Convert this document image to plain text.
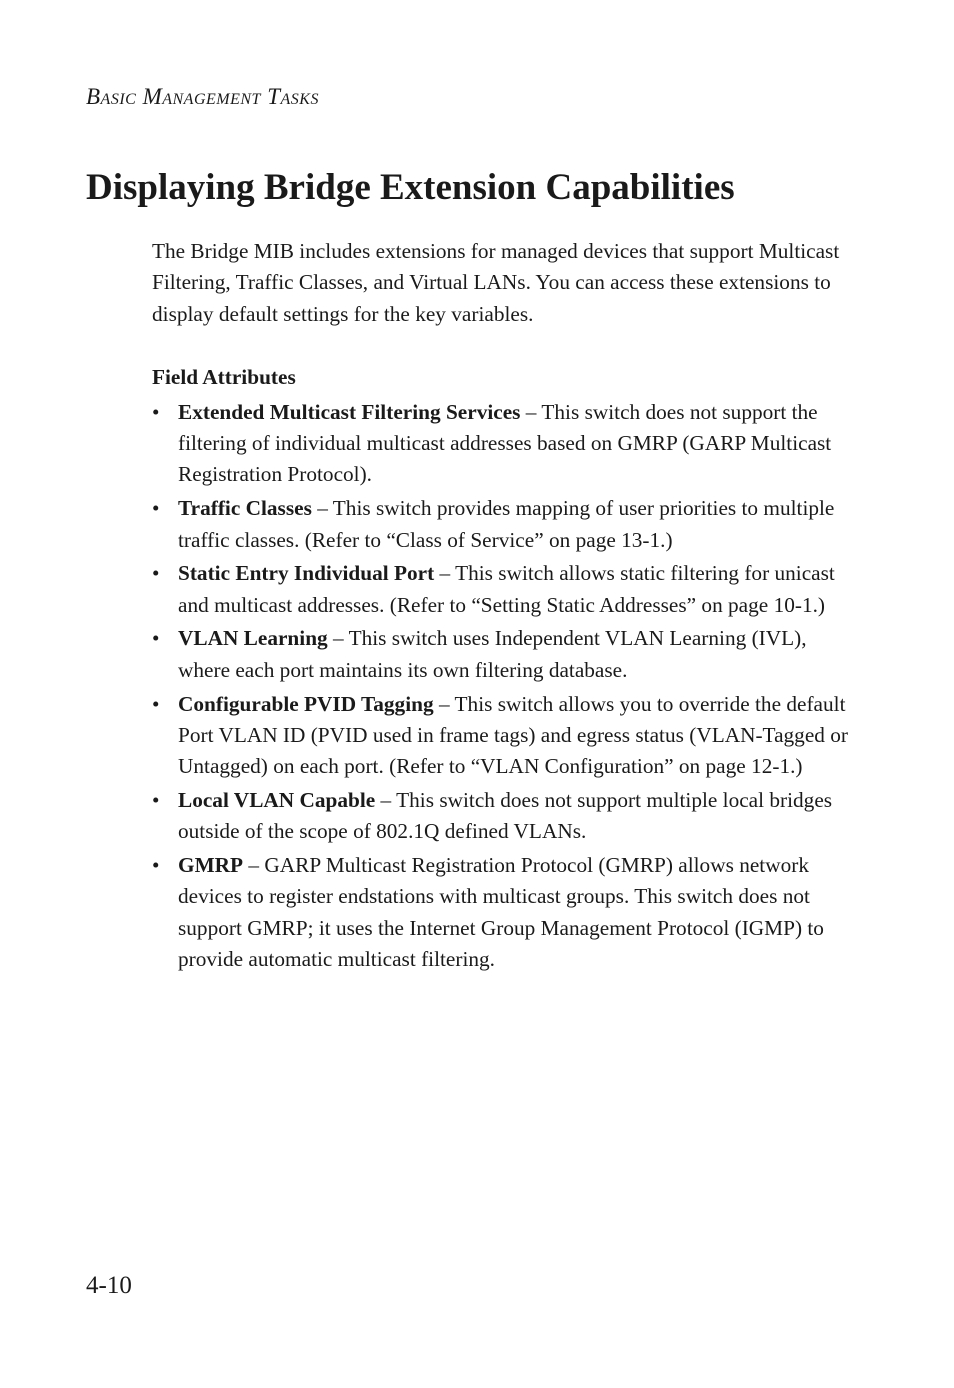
Basic Management Tasks

Displaying Bridge Extension Capabilities

The Bridge MIB includes extensions for managed devices that support Multicast Filtering, Traffic Classes, and Virtual LANs. You can access these extensions to display default settings for the key variables.

Field Attributes
• Extended Multicast Filtering Services – This switch does not support the filtering of individual multicast addresses based on GMRP (GARP Multicast Registration Protocol).
• Traffic Classes – This switch provides mapping of user priorities to multiple traffic classes. (Refer to “Class of Service” on page 13-1.)
• Static Entry Individual Port – This switch allows static filtering for unicast and multicast addresses. (Refer to “Setting Static Addresses” on page 10-1.)
• VLAN Learning – This switch uses Independent VLAN Learning (IVL), where each port maintains its own filtering database.
• Configurable PVID Tagging – This switch allows you to override the default Port VLAN ID (PVID used in frame tags) and egress status (VLAN-Tagged or Untagged) on each port. (Refer to “VLAN Configuration” on page 12-1.)
• Local VLAN Capable – This switch does not support multiple local bridges outside of the scope of 802.1Q defined VLANs.
• GMRP – GARP Multicast Registration Protocol (GMRP) allows network devices to register endstations with multicast groups. This switch does not support GMRP; it uses the Internet Group Management Protocol (IGMP) to provide automatic multicast filtering.

4-10
